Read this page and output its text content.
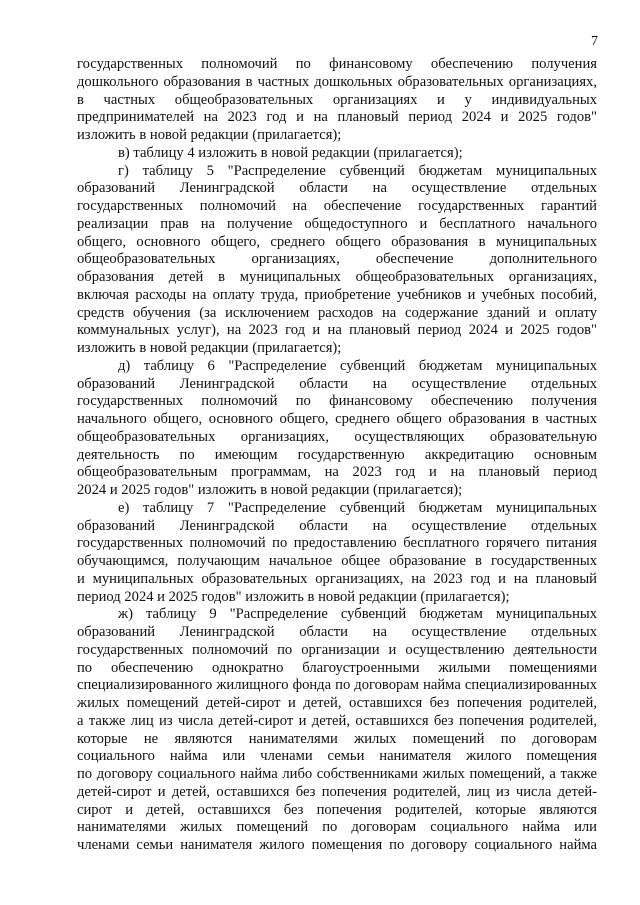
7
государственных полномочий по финансовому обеспечению получения
дошкольного образования в частных дошкольных образовательных организациях,
в частных общеобразовательных организациях и у индивидуальных
предпринимателей на 2023 год и на плановый период 2024 и 2025 годов"
изложить в новой редакции (прилагается);
в) таблицу 4 изложить в новой редакции (прилагается);
г) таблицу 5 "Распределение субвенций бюджетам муниципальных
образований Ленинградской области на осуществление отдельных
государственных полномочий на обеспечение государственных гарантий
реализации прав на получение общедоступного и бесплатного начального
общего, основного общего, среднего общего образования в муниципальных
общеобразовательных организациях, обеспечение дополнительного
образования детей в муниципальных общеобразовательных организациях,
включая расходы на оплату труда, приобретение учебников и учебных пособий,
средств обучения (за исключением расходов на содержание зданий и оплату
коммунальных услуг), на 2023 год и на плановый период 2024 и 2025 годов"
изложить в новой редакции (прилагается);
д) таблицу 6 "Распределение субвенций бюджетам муниципальных
образований Ленинградской области на осуществление отдельных
государственных полномочий по финансовому обеспечению получения
начального общего, основного общего, среднего общего образования в частных
общеобразовательных организациях, осуществляющих образовательную
деятельность по имеющим государственную аккредитацию основным
общеобразовательным программам, на 2023 год и на плановый период
2024 и 2025 годов" изложить в новой редакции (прилагается);
е) таблицу 7 "Распределение субвенций бюджетам муниципальных
образований Ленинградской области на осуществление отдельных
государственных полномочий по предоставлению бесплатного горячего питания
обучающимся, получающим начальное общее образование в государственных
и муниципальных образовательных организациях, на 2023 год и на плановый
период 2024 и 2025 годов" изложить в новой редакции (прилагается);
ж) таблицу 9 "Распределение субвенций бюджетам муниципальных
образований Ленинградской области на осуществление отдельных
государственных полномочий по организации и осуществлению деятельности
по обеспечению однократно благоустроенными жилыми помещениями
специализированного жилищного фонда по договорам найма специализированных
жилых помещений детей-сирот и детей, оставшихся без попечения родителей,
а также лиц из числа детей-сирот и детей, оставшихся без попечения родителей,
которые не являются нанимателями жилых помещений по договорам
социального найма или членами семьи нанимателя жилого помещения
по договору социального найма либо собственниками жилых помещений, а также
детей-сирот и детей, оставшихся без попечения родителей, лиц из числа детей-
сирот и детей, оставшихся без попечения родителей, которые являются
нанимателями жилых помещений по договорам социального найма или
членами семьи нанимателя жилого помещения по договору социального найма
